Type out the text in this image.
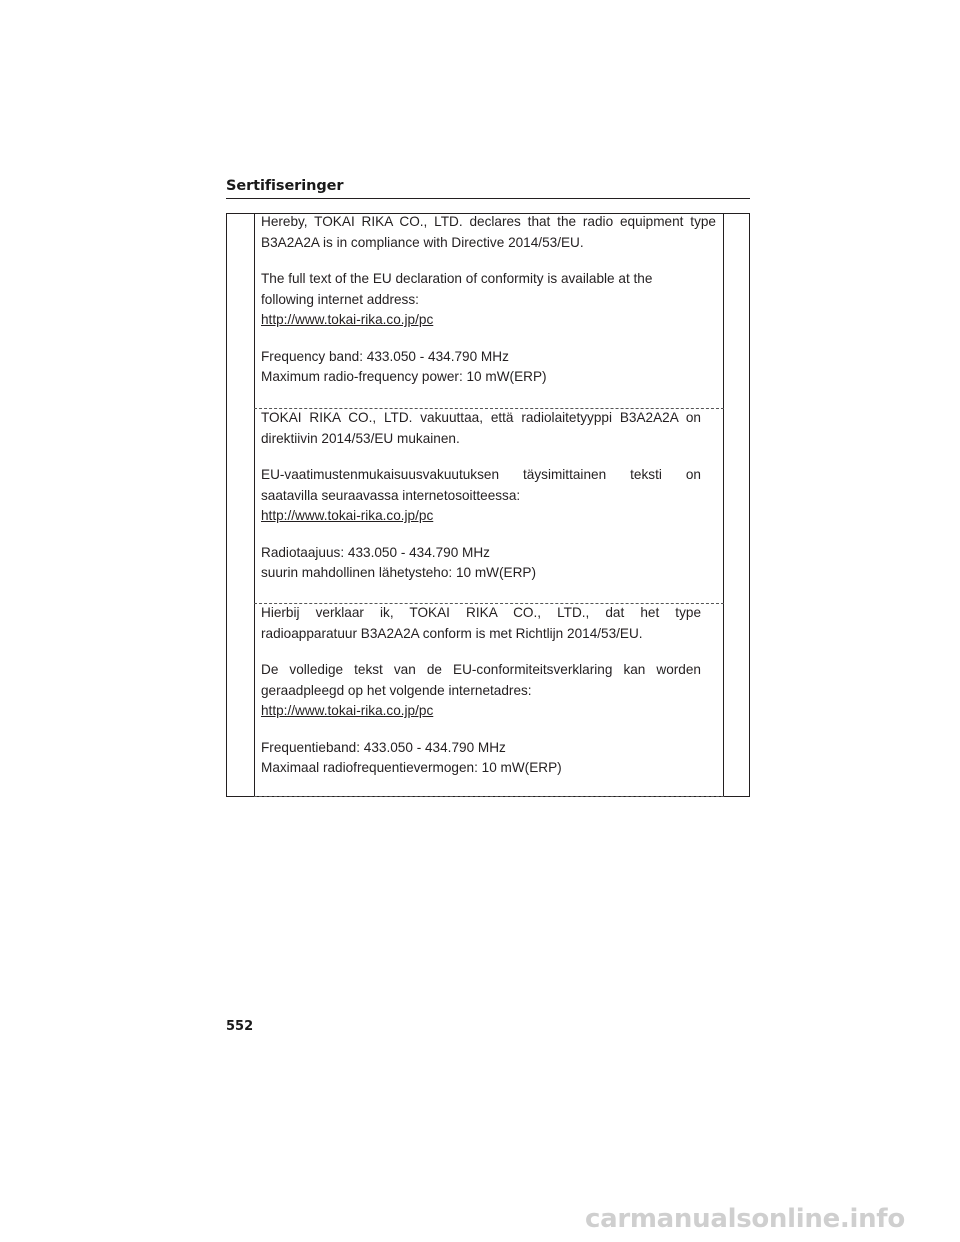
Sertifiseringer

Hereby, TOKAI RIKA CO., LTD. declares that the radio equipment type
B3A2A2A is in compliance with Directive 2014/53/EU.

The full text of the EU declaration of conformity is available at the
following internet address:
http://www.tokai-rika.co.jp/pc

Frequency band: 433.050 - 434.790 MHz
Maximum radio-frequency power: 10 mW(ERP)

TOKAI RIKA CO., LTD. vakuuttaa, että radiolaitetyyppi B3A2A2A on
direktiivin 2014/53/EU mukainen.

EU-vaatimustenmukaisuusvakuutuksen täysimittainen teksti on
saatavilla seuraavassa internetosoitteessa:
http://www.tokai-rika.co.jp/pc

Radiotaajuus: 433.050 - 434.790 MHz
suurin mahdollinen lähetysteho: 10 mW(ERP)

Hierbij verklaar ik, TOKAI RIKA CO., LTD., dat het type
radioapparatuur B3A2A2A conform is met Richtlijn 2014/53/EU.

De volledige tekst van de EU-conformiteitsverklaring kan worden
geraadpleegd op het volgende internetadres:
http://www.tokai-rika.co.jp/pc

Frequentieband: 433.050 - 434.790 MHz
Maximaal radiofrequentievermogen: 10 mW(ERP)

552
carmanualsonline.info
